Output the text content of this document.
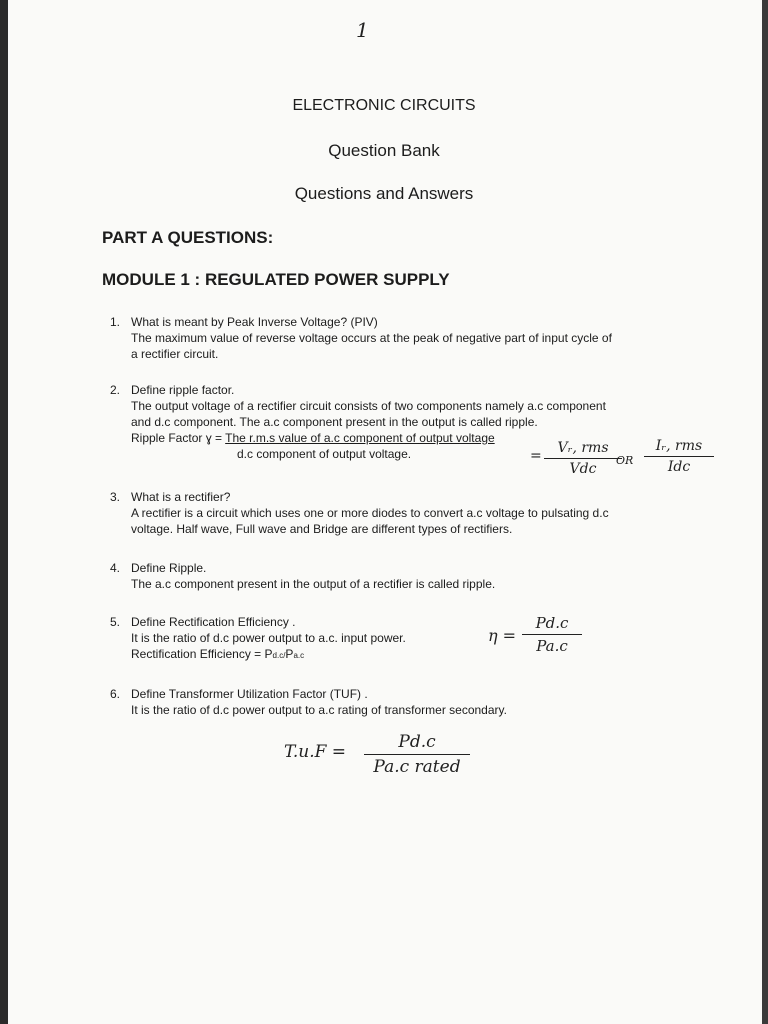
1
ELECTRONIC CIRCUITS
Question Bank
Questions and Answers
PART A QUESTIONS:
MODULE 1 : REGULATED POWER SUPPLY
1. What is meant by Peak Inverse Voltage? (PIV)
The maximum value of reverse voltage occurs at the peak of negative part of input cycle of
a rectifier circuit.
2. Define ripple factor.
The output voltage of a rectifier circuit consists of two components namely a.c component
and d.c component. The a.c component present in the output is called ripple.
Ripple Factor ɣ = The r.m.s value of a.c component of output voltage
d.c component of output voltage.	=	Vᵣ, rms
Vdc
OR
Iᵣ, rms
Idc
3. What is a rectifier?
A rectifier is a circuit which uses one or more diodes to convert a.c voltage to pulsating d.c
voltage. Half wave, Full wave and Bridge are different types of rectifiers.
4. Define Ripple.
The a.c component present in the output of a rectifier is called ripple.
5. Define Rectification Efficiency .
It is the ratio of d.c power output to a.c. input power.
Rectification Efficiency = Pd.c/Pa.c
η =
Pd.c
Pa.c
6. Define Transformer Utilization Factor (TUF) .
It is the ratio of d.c power output to a.c rating of transformer secondary.
T.u.F =	Pd.c
Pa.c rated
